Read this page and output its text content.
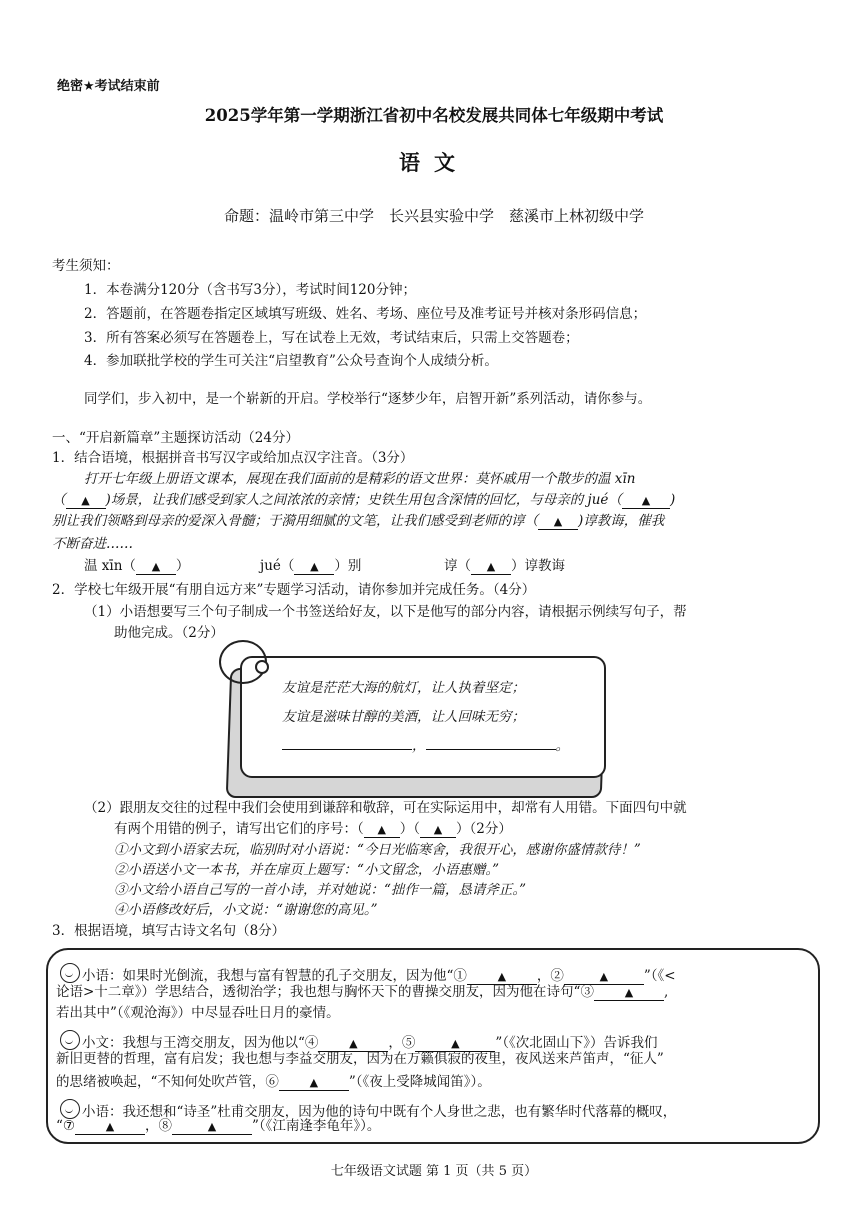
绝密★考试结束前
2025学年第一学期浙江省初中名校发展共同体七年级期中考试
语文
命题：温岭市第三中学　长兴县实验中学　慈溪市上林初级中学
考生须知：
1．本卷满分120分（含书写3分），考试时间120分钟；
2．答题前，在答题卷指定区域填写班级、姓名、考场、座位号及准考证号并核对条形码信息；
3．所有答案必须写在答题卷上，写在试卷上无效，考试结束后，只需上交答题卷；
4．参加联批学校的学生可关注“启望教育”公众号查询个人成绩分析。
同学们，步入初中，是一个崭新的开启。学校举行“逐梦少年，启智开新”系列活动，请你参与。
一、“开启新篇章”主题探访活动（24分）
1．结合语境，根据拼音书写汉字或给加点汉字注音。（3分）
打开七年级上册语文课本，展现在我们面前的是精彩的语文世界：莫怀戚用一个散步的温 xīn
（ ▲ )场景，让我们感受到家人之间浓浓的亲情；史铁生用包含深情的回忆，与母亲的 jué（ ▲ )
别让我们领略到母亲的爱深入骨髓；于漪用细腻的文笔，让我们感受到老师的谆（ ▲ )谆教诲，催我
不断奋进……
温 xīn（ ▲ ）	jué（ ▲ ）别	谆（ ▲ ）谆教诲
2．学校七年级开展“有朋自远方来”专题学习活动，请你参加并完成任务。（4分）
（1）小语想要写三个句子制成一个书签送给好友，以下是他写的部分内容，请根据示例续写句子，帮
助他完成。（2分）
友谊是茫茫大海的航灯，让人执着坚定；
友谊是滋味甘醇的美酒，让人回味无穷；
，	。
（2）跟朋友交往的过程中我们会使用到谦辞和敬辞，可在实际运用中，却常有人用错。下面四句中就
有两个用错的例子，请写出它们的序号：（ ▲ ）（ ▲ ）（2分）
①小文到小语家去玩，临别时对小语说：“今日光临寒舍，我很开心，感谢你盛情款待！”
②小语送小文一本书，并在扉页上题写：“小文留念，小语惠赠。”
③小文给小语自己写的一首小诗，并对她说：“拙作一篇，恳请斧正。”
④小语修改好后，小文说：“谢谢您的高见。”
3．根据语境，填写古诗文名句（8分）
小语：如果时光倒流，我想与富有智慧的孔子交朋友，因为他“①	▲ ，②	▲	”（《<
论语>十二章》）学思结合，透彻治学；我也想与胸怀天下的曹操交朋友，因为他在诗句“③	▲ ,
若出其中”（《观沧海》）中尽显吞吐日月的豪情。
小文：我想与王湾交朋友，因为他以“④	▲ ，⑤	▲	”（《次北固山下》）告诉我们
新旧更替的哲理，富有启发；我也想与李益交朋友，因为在万籁俱寂的夜里，夜风送来芦笛声，“征人”
的思绪被唤起，“不知何处吹芦管，⑥	▲ ”（《夜上受降城闻笛》）。
小语：我还想和“诗圣”杜甫交朋友，因为他的诗句中既有个人身世之悲，也有繁华时代落幕的概叹，
“⑦	▲ ，⑧	▲	”（《江南逢李龟年》）。
七年级语文试题 第 1 页（共 5 页）
